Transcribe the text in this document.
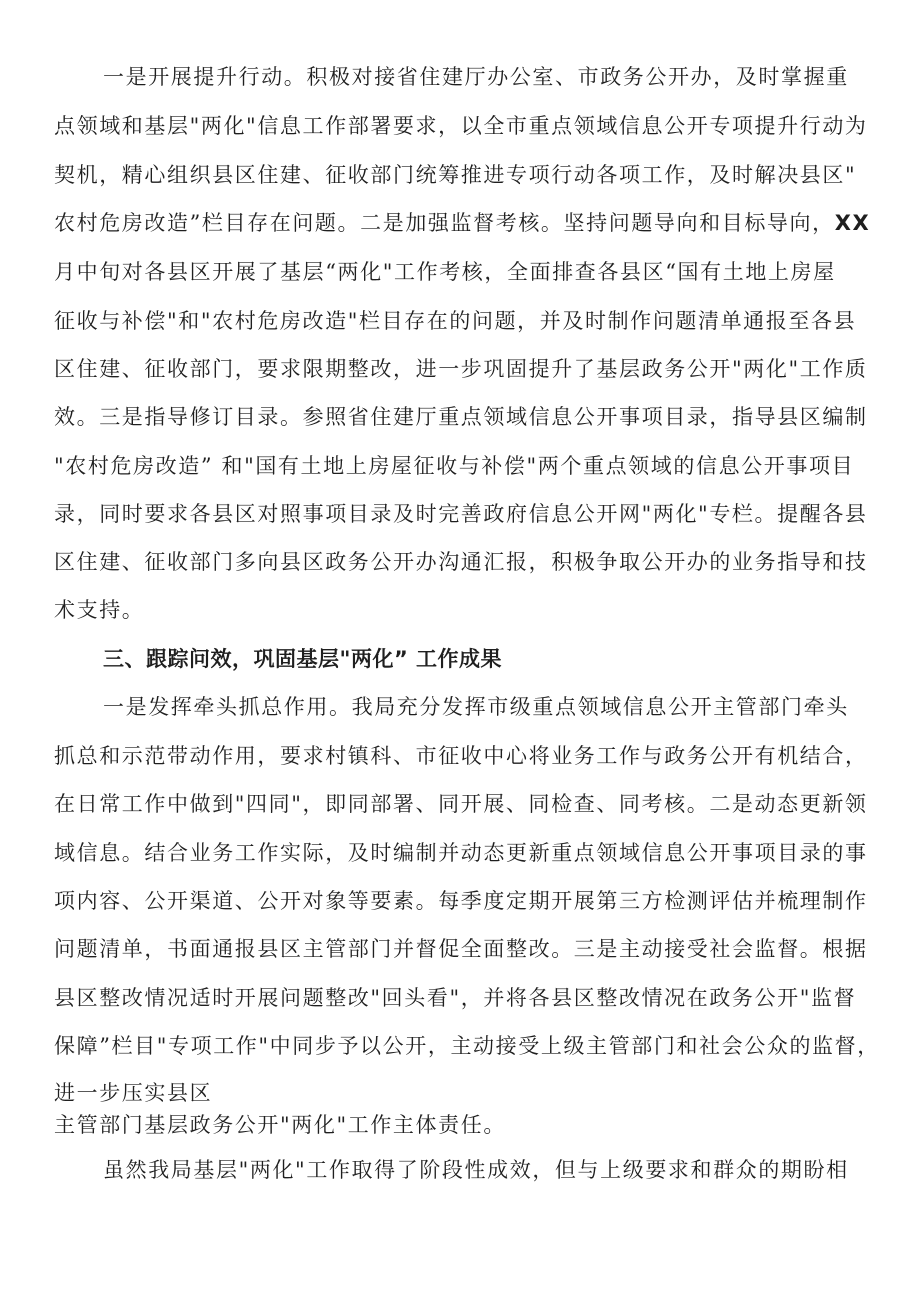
一是开展提升行动。积极对接省住建厅办公室、市政务公开办，及时掌握重
点领域和基层"两化"信息工作部署要求，以全市重点领域信息公开专项提升行动为
契机，精心组织县区住建、征收部门统筹推进专项行动各项工作，及时解决县区"
农村危房改造”栏目存在问题。二是加强监督考核。坚持问题导向和目标导向，XX
月中旬对各县区开展了基层“两化"工作考核，全面排查各县区“国有土地上房屋
征收与补偿"和"农村危房改造"栏目存在的问题，并及时制作问题清单通报至各县
区住建、征收部门，要求限期整改，进一步巩固提升了基层政务公开"两化"工作质
效。三是指导修订目录。参照省住建厅重点领域信息公开事项目录，指导县区编制
"农村危房改造” 和"国有土地上房屋征收与补偿"两个重点领域的信息公开事项目
录，同时要求各县区对照事项目录及时完善政府信息公开网"两化"专栏。提醒各县
区住建、征收部门多向县区政务公开办沟通汇报，积极争取公开办的业务指导和技
术支持。
三、跟踪问效，巩固基层"两化” 工作成果
一是发挥牵头抓总作用。我局充分发挥市级重点领域信息公开主管部门牵头
抓总和示范带动作用，要求村镇科、市征收中心将业务工作与政务公开有机结合，
在日常工作中做到"四同"，即同部署、同开展、同检查、同考核。二是动态更新领
域信息。结合业务工作实际，及时编制并动态更新重点领域信息公开事项目录的事
项内容、公开渠道、公开对象等要素。每季度定期开展第三方检测评估并梳理制作
问题清单，书面通报县区主管部门并督促全面整改。三是主动接受社会监督。根据
县区整改情况适时开展问题整改"回头看"，并将各县区整改情况在政务公开"监督
保障”栏目"专项工作"中同步予以公开，主动接受上级主管部门和社会公众的监督，
进一步压实县区
主管部门基层政务公开"两化"工作主体责任。
虽然我局基层"两化"工作取得了阶段性成效，但与上级要求和群众的期盼相
